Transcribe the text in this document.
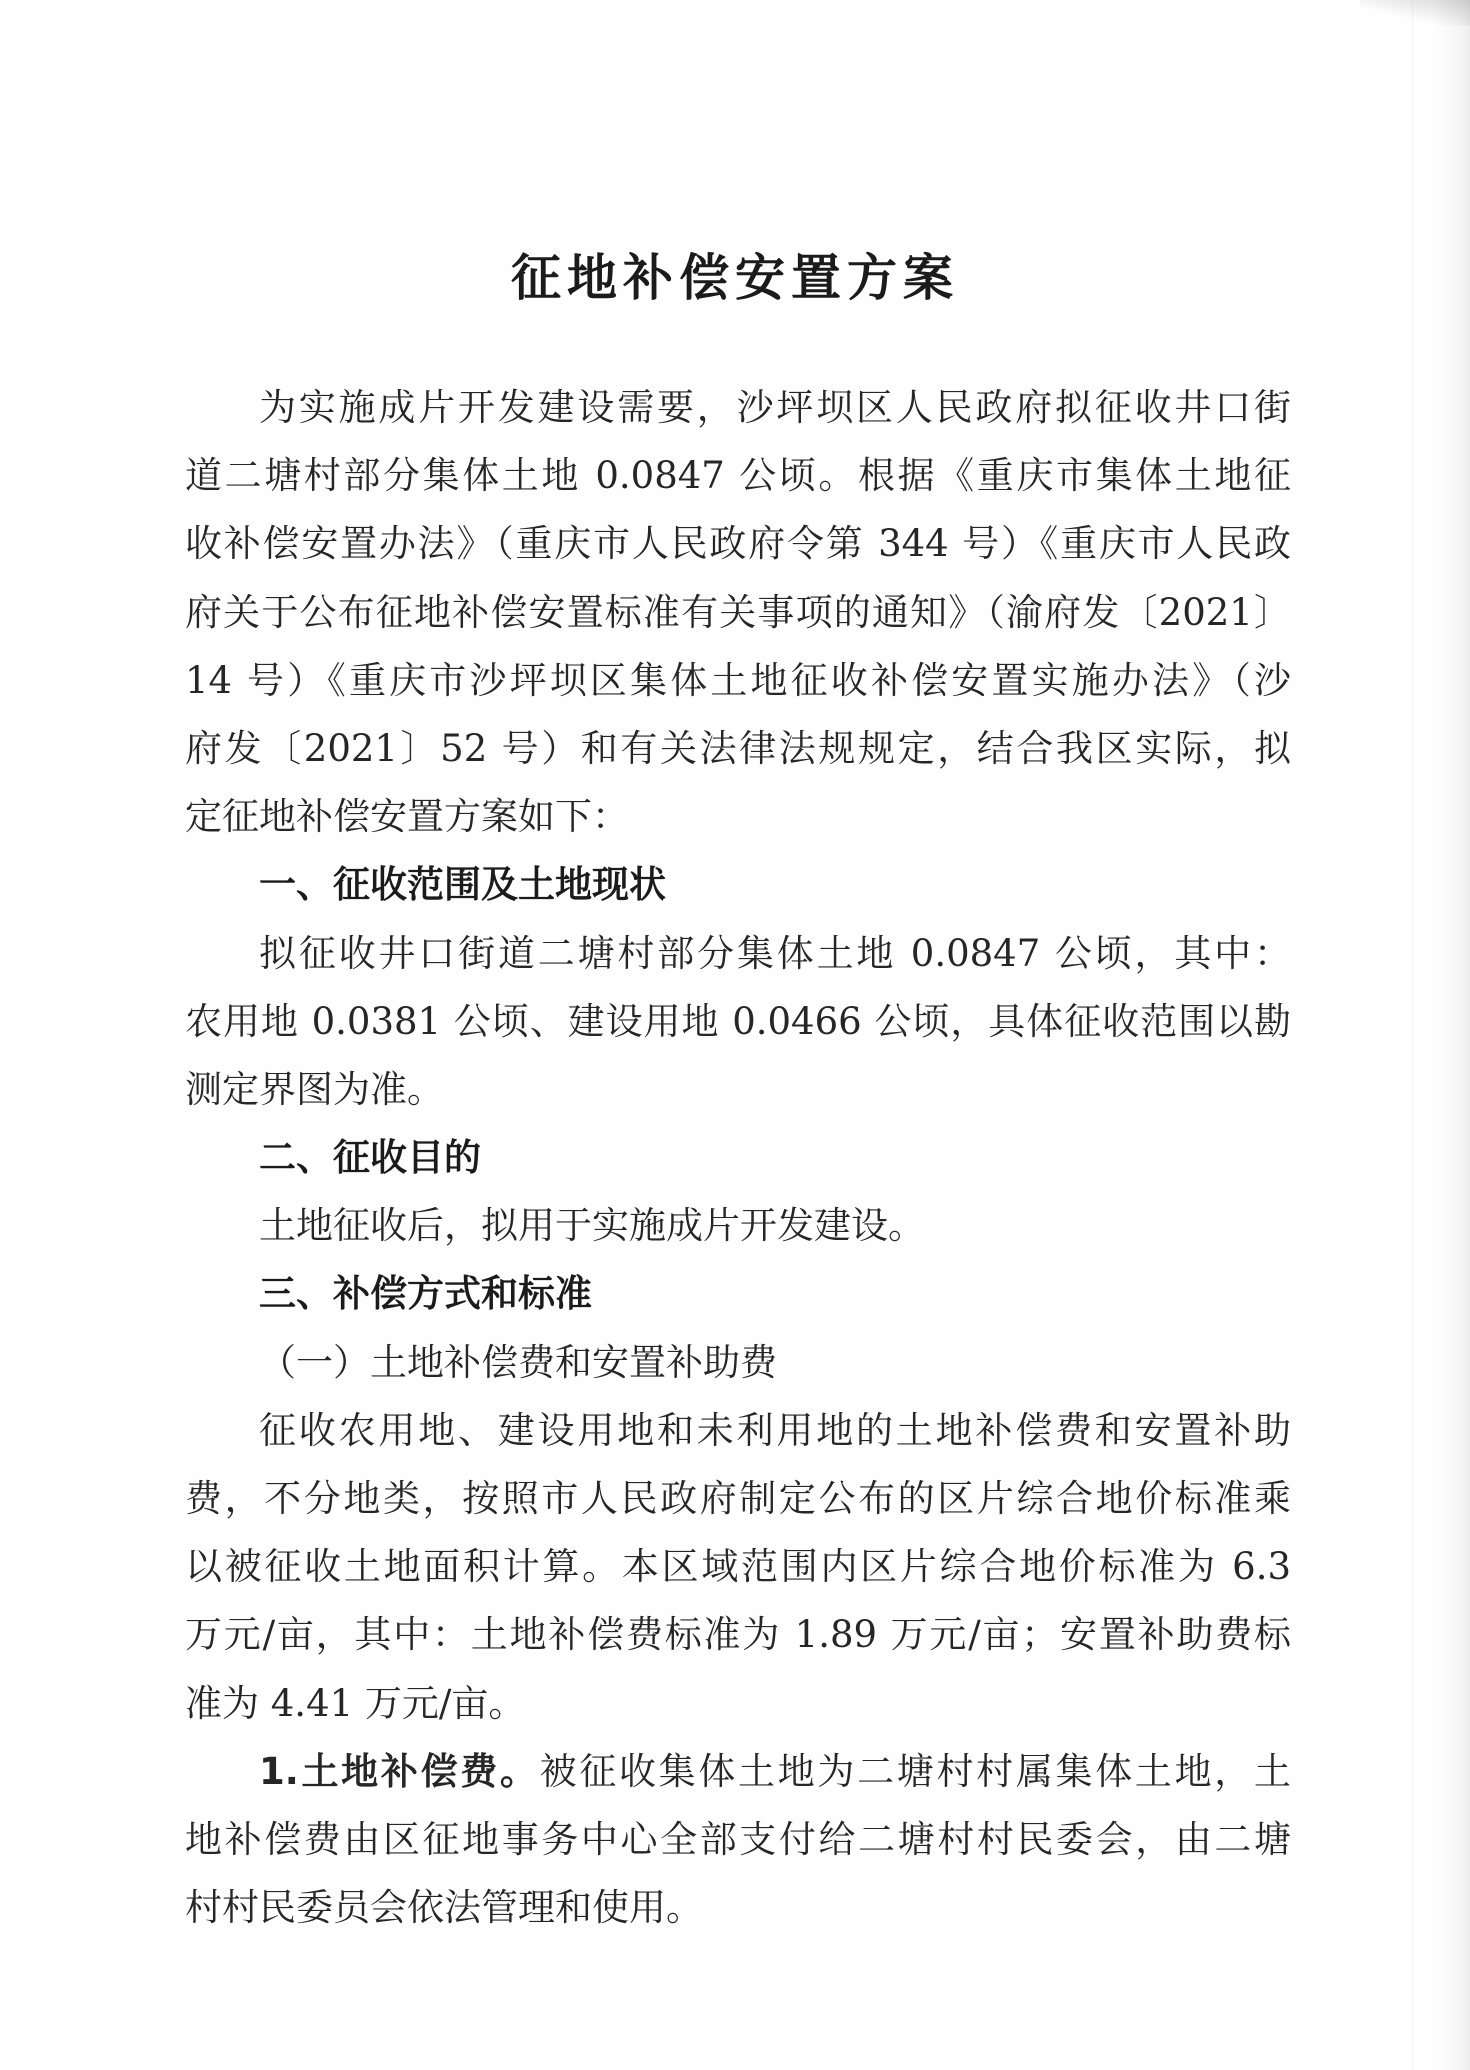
征地补偿安置方案
为实施成片开发建设需要，沙坪坝区人民政府拟征收井口街
道二塘村部分集体土地 0.0847 公顷。根据《重庆市集体土地征
收补偿安置办法》（重庆市人民政府令第 344 号）《重庆市人民政
府关于公布征地补偿安置标准有关事项的通知》（渝府发〔2021〕
14 号）《重庆市沙坪坝区集体土地征收补偿安置实施办法》（沙
府发〔2021〕52 号）和有关法律法规规定，结合我区实际，拟
定征地补偿安置方案如下：
一、征收范围及土地现状
拟征收井口街道二塘村部分集体土地 0.0847 公顷，其中：
农用地 0.0381 公顷、建设用地 0.0466 公顷，具体征收范围以勘
测定界图为准。
二、征收目的
土地征收后，拟用于实施成片开发建设。
三、补偿方式和标准
（一）土地补偿费和安置补助费
征收农用地、建设用地和未利用地的土地补偿费和安置补助
费，不分地类，按照市人民政府制定公布的区片综合地价标准乘
以被征收土地面积计算。本区域范围内区片综合地价标准为 6.3
万元/亩，其中：土地补偿费标准为 1.89 万元/亩；安置补助费标
准为 4.41 万元/亩。
1.土地补偿费。被征收集体土地为二塘村村属集体土地，土
地补偿费由区征地事务中心全部支付给二塘村村民委会，由二塘
村村民委员会依法管理和使用。
